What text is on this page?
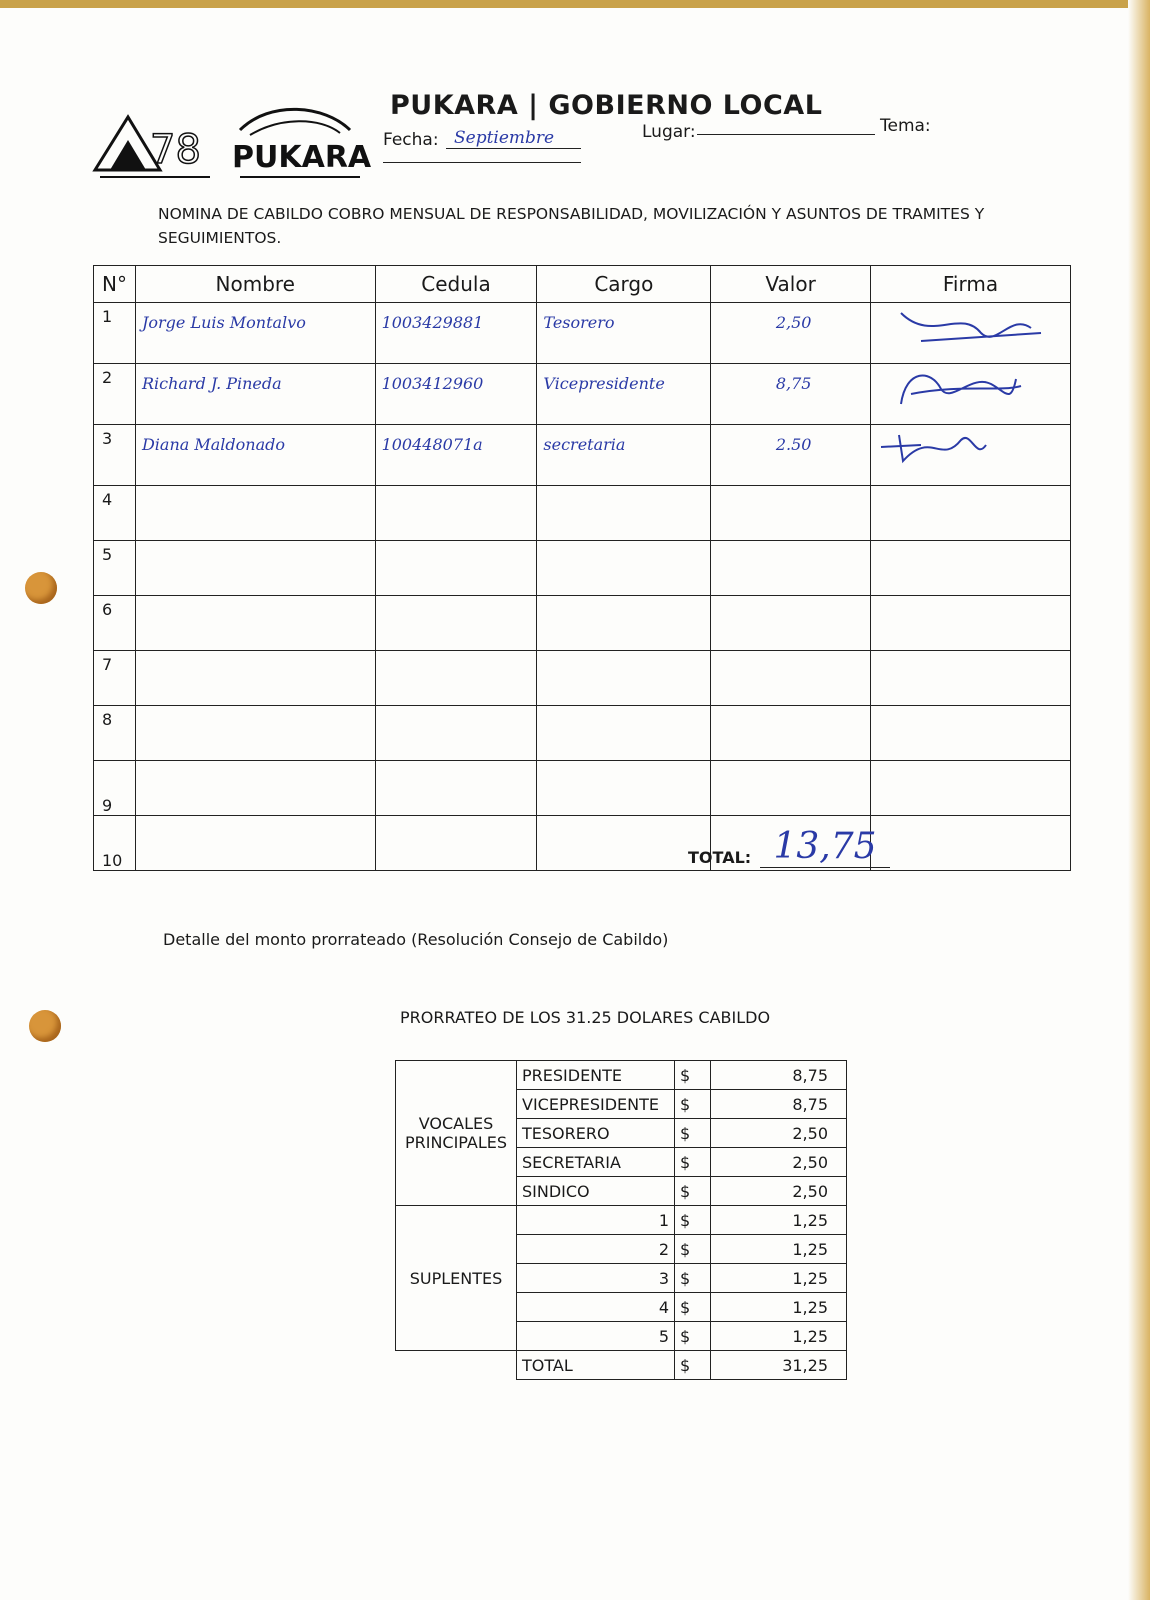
78 PUKARA
PUKARA | GOBIERNO LOCAL
Fecha: Septiembre	Lugar:	Tema:
NOMINA DE CABILDO COBRO MENSUAL DE RESPONSABILIDAD, MOVILIZACIÓN Y ASUNTOS DE TRAMITES Y SEGUIMIENTOS.
N°	Nombre	Cedula	Cargo	Valor	Firma
1	Jorge Luis Montalvo	1003429881	Tesorero	2,50	
2	Richard J. Pineda	1003412960	Vicepresidente	8,75	
3	Diana Maldonado	100448071a	secretaria	2.50	
4					
5					
6					
7					
8					
9					
10						TOTAL: 13,75
Detalle del monto prorrateado (Resolución Consejo de Cabildo)
PRORRATEO DE LOS 31.25 DOLARES CABILDO
VOCALES PRINCIPALES	PRESIDENTE	$	8,75
	VICEPRESIDENTE	$	8,75
	TESORERO	$	2,50
	SECRETARIA	$	2,50
	SINDICO	$	2,50
SUPLENTES	1	$	1,25
	2	$	1,25
	3	$	1,25
	4	$	1,25
	5	$	1,25
	TOTAL	$	31,25
